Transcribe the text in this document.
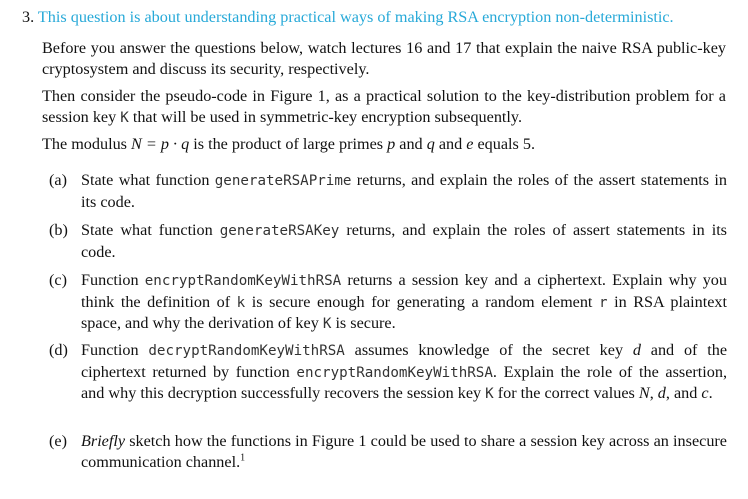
3. This question is about understanding practical ways of making RSA encryption non-deterministic.
Before you answer the questions below, watch lectures 16 and 17 that explain the naive RSA public-key cryptosystem and discuss its security, respectively.
Then consider the pseudo-code in Figure 1, as a practical solution to the key-distribution problem for a session key K that will be used in symmetric-key encryption subsequently.
The modulus N = p · q is the product of large primes p and q and e equals 5.
(a) State what function generateRSAPrime returns, and explain the roles of the assert statements in its code.
(b) State what function generateRSAKey returns, and explain the roles of assert statements in its code.
(c) Function encryptRandomKeyWithRSA returns a session key and a ciphertext. Explain why you think the definition of k is secure enough for generating a random element r in RSA plaintext space, and why the derivation of key K is secure.
(d) Function decryptRandomKeyWithRSA assumes knowledge of the secret key d and of the ciphertext returned by function encryptRandomKeyWithRSA. Explain the role of the assertion, and why this decryption successfully recovers the session key K for the correct values N, d, and c.
(e) Briefly sketch how the functions in Figure 1 could be used to share a session key across an insecure communication channel.$^1$
